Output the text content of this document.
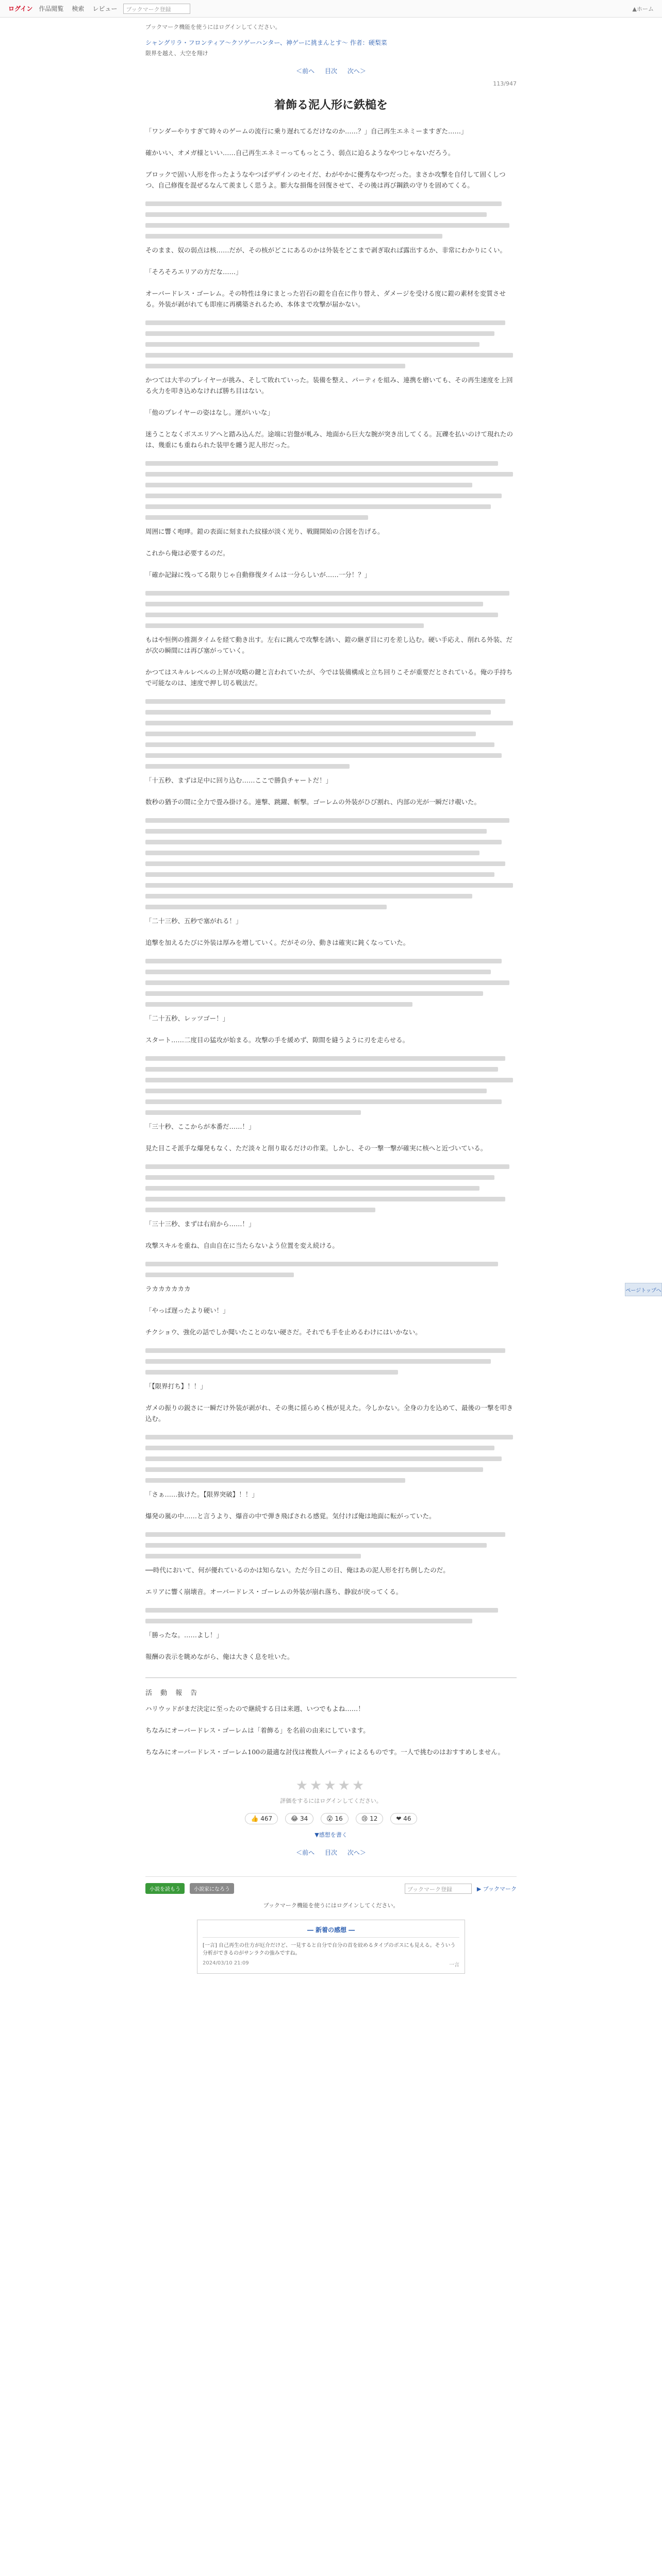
ログイン 作品閲覧 検索 レビュー	ブックマーク登録	▲ホーム
ブックマーク機能を使うにはログインしてください。
シャングリラ・フロンティア〜クソゲーハンター、神ゲーに挑まんとす〜 作者：硬梨菜
限界を越え、大空を翔け
＜前へ 目次 次へ＞
113/947
着飾る泥人形に鉄槌を

「ワンダーやりすぎて時々のゲームの流行に乗り遅れてるだけなのか……？」自己再生エネミーますぎた……」

確かいい、オメガ様といい……自己再生エネミーってもっとこう、弱点に迫るようなやつじゃないだろう。

ブロックで固い人形を作ったようなやつばデザインのセイだ、わがやかに優秀なやつだった。まさか攻撃を自付して固くしつつ、自己修復を混ぜるなんて羨ましく思うよ。膨大な損傷を回復させて、その後は再び鋼鉄の守りを固めてくる。

そのまま、奴の弱点は核……だが、その核がどこにあるのかは外装をどこまで剥ぎ取れば露出するか、非常にわかりにくい。

「そろそろエリアの方だな……」

オーバードレス・ゴーレム。その特性は身にまとった岩石の鎧を自在に作り替え、ダメージを受ける度に鎧の素材を変質させる。外装が剥がれても即座に再構築されるため、本体まで攻撃が届かない。

かつては大半のプレイヤーが挑み、そして敗れていった。装備を整え、パーティを組み、連携を磨いても、その再生速度を上回る火力を叩き込めなければ勝ち目はない。

「他のプレイヤーの姿はなし。運がいいな」

迷うことなくボスエリアへと踏み込んだ。途端に岩盤が軋み、地面から巨大な腕が突き出してくる。瓦礫を払いのけて現れたのは、幾重にも重ねられた装甲を纏う泥人形だった。

周囲に響く咆哮。鎧の表面に刻まれた紋様が淡く光り、戦闘開始の合図を告げる。

これから俺は必要するのだ。

「確か記録に残ってる限りじゃ自動修復タイムは一分らしいが……一分！？」

もはや恒例の推測タイムを経て動き出す。左右に跳んで攻撃を誘い、鎧の継ぎ目に刃を差し込む。硬い手応え、削れる外装、だが次の瞬間には再び塞がっていく。

かつてはスキルレベルの上昇が攻略の鍵と言われていたが、今では装備構成と立ち回りこそが重要だとされている。俺の手持ちで可能なのは、速度で押し切る戦法だ。

「十五秒、まずは足中に回り込む……ここで勝負チャートだ！」

数秒の猶予の間に全力で畳み掛ける。連撃、跳躍、斬撃。ゴーレムの外装がひび割れ、内部の光が一瞬だけ覗いた。

「二十三秒、五秒で塞がれる！」

追撃を加えるたびに外装は厚みを増していく。だがその分、動きは確実に鈍くなっていた。

「二十五秒、レッツゴー！」

スタート……二度目の猛攻が始まる。攻撃の手を緩めず、隙間を縫うように刃を走らせる。

「三十秒、ここからが本番だ……！」

見た目こそ派手な爆発もなく、ただ淡々と削り取るだけの作業。しかし、その一撃一撃が確実に核へと近づいている。

「三十三秒、まずは右肩から……！」

攻撃スキルを重ね、自由自在に当たらないよう位置を変え続ける。

ラカカカカカカ

「やっぱ遅ったより硬い！」

チクショウ、強化の話でしか聞いたことのない硬さだ。それでも手を止めるわけにはいかない。

「【限界打ち】！！」

ガメの振りの鋭さに一瞬だけ外装が剥がれ、その奥に揺らめく核が見えた。今しかない。全身の力を込めて、最後の一撃を叩き込む。

「さぁ……抜けた。【限界突破】！！」

爆発の嵐の中……と言うより、爆音の中で弾き飛ばされる感覚。気付けば俺は地面に転がっていた。

──時代において、何が優れているのかは知らない。ただ今日この日、俺はあの泥人形を打ち倒したのだ。

エリアに響く崩壊音。オーバードレス・ゴーレムの外装が崩れ落ち、静寂が戻ってくる。

「勝ったな。……よし！」

報酬の表示を眺めながら、俺は大きく息を吐いた。

活 動 報 告

ハリウッドがまだ決定に至ったので継続する日は来週、いつでもよね……！

ちなみにオーバードレス・ゴーレムは「着飾る」を名前の由来にしています。

ちなみにオーバードレス・ゴーレム100の最適な討伐は複数人パーティによるものです。一人で挑むのはおすすめしません。

★★★★★
評価をするにはログインしてください。
👍 467	😂 34	😮 16	😢 12	❤ 46
▼感想を書く
＜前へ 目次 次へ＞
小説を読もう	小説家になろう	ブックマーク登録	▶ ブックマーク
ブックマーク機能を使うにはログインしてください。
― 新着の感想 ―
[一言] 自己再生の仕方が厄介だけど、一見すると自分で自分の首を絞めるタイプのボスにも見える。そういう分析ができるのがサンラクの強みですね。
2024/03/10 21:09	一言
ページトップへ
